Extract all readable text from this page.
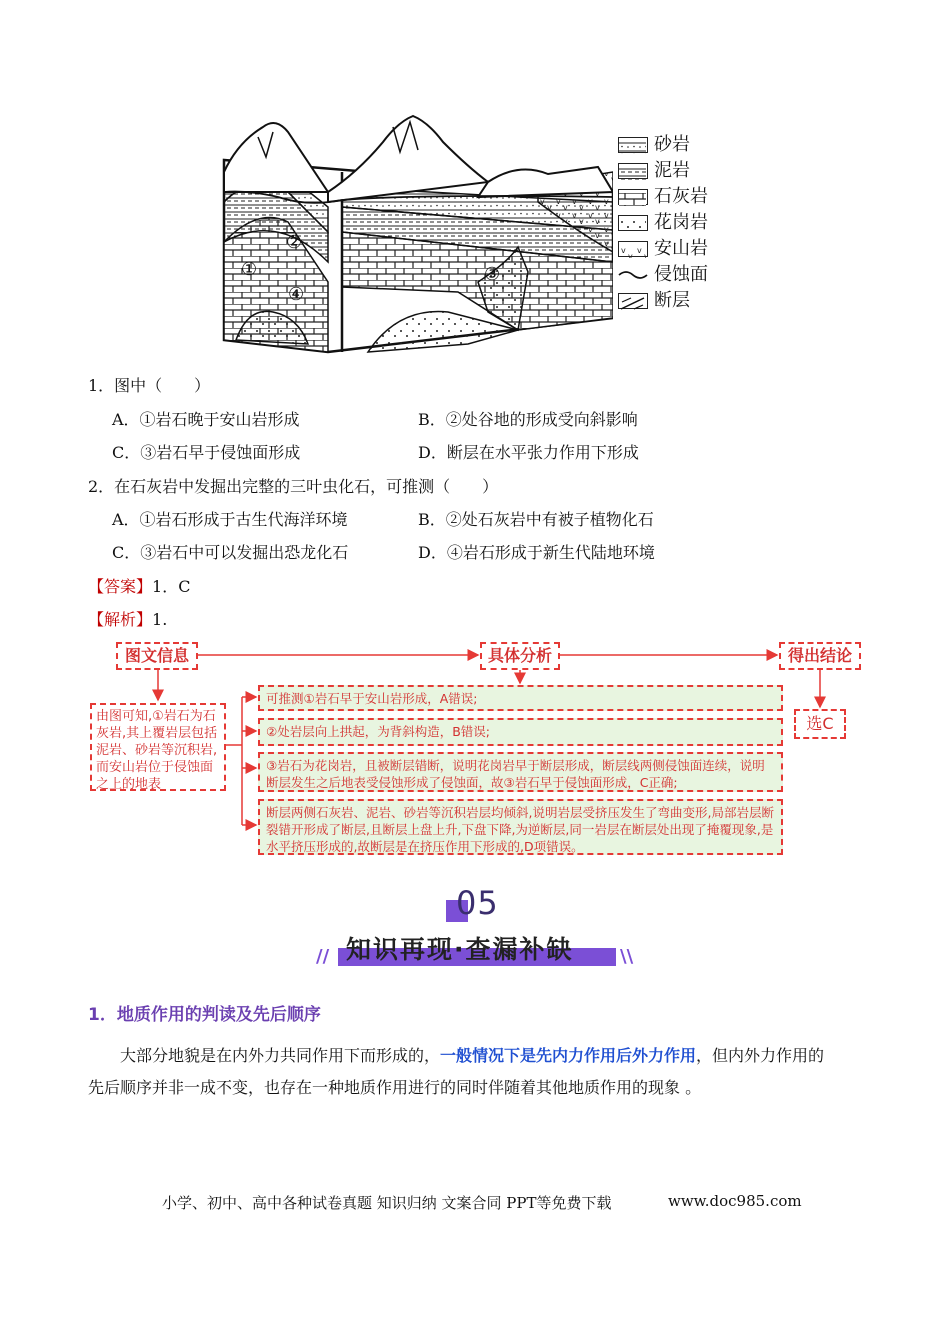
①
②
③
④
砂岩
泥岩
石灰岩
花岗岩
安山岩
侵蚀面
断层
1．图中（　　）
A．①岩石晚于安山岩形成	B．②处谷地的形成受向斜影响
C．③岩石早于侵蚀面形成	D．断层在水平张力作用下形成
2．在石灰岩中发掘出完整的三叶虫化石，可推测（　　）
A．①岩石形成于古生代海洋环境	B．②处石灰岩中有被子植物化石
C．③岩石中可以发掘出恐龙化石	D．④岩石形成于新生代陆地环境
【答案】1．C
【解析】1.
图文信息	具体分析	得出结论
由图可知,①岩石为石灰岩,其上覆岩层包括泥岩、砂岩等沉积岩,而安山岩位于侵蚀面之上的地表
可推测①岩石早于安山岩形成，A错误;
②处岩层向上拱起，为背斜构造，B错误;
③岩石为花岗岩，且被断层错断，说明花岗岩早于断层形成，断层线两侧侵蚀面连续，说明断层发生之后地表受侵蚀形成了侵蚀面，故③岩石早于侵蚀面形成，C正确;
断层两侧石灰岩、泥岩、砂岩等沉积岩层均倾斜,说明岩层受挤压发生了弯曲变形,局部岩层断裂错开形成了断层,且断层上盘上升,下盘下降,为逆断层,同一岩层在断层处出现了掩覆现象,是水平挤压形成的,故断层是在挤压作用下形成的,D项错误。
选C
05
知识再现·查漏补缺
//	\\
1．地质作用的判读及先后顺序
大部分地貌是在内外力共同作用下而形成的，一般情况下是先内力作用后外力作用，但内外力作用的先后顺序并非一成不变，也存在一种地质作用进行的同时伴随着其他地质作用的现象 。
小学、初中、高中各种试卷真题 知识归纳 文案合同 PPT等免费下载	www.doc985.com
